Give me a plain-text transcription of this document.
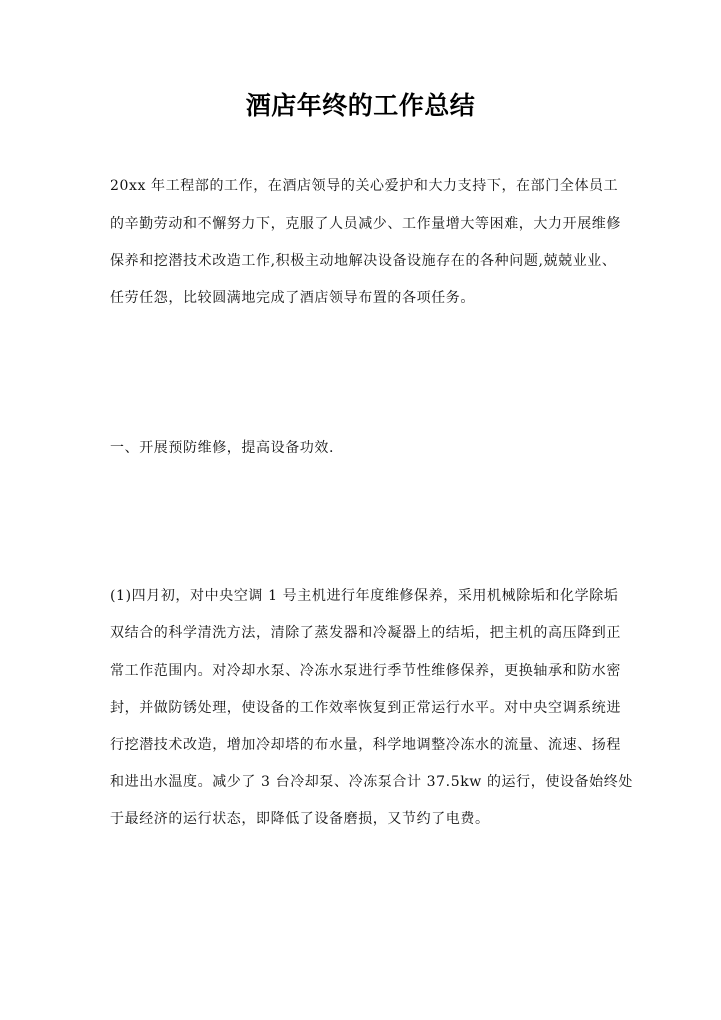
酒店年终的工作总结
20xx 年工程部的工作，在酒店领导的关心爱护和大力支持下，在部门全体员工
的辛勤劳动和不懈努力下，克服了人员减少、工作量增大等困难，大力开展维修
保养和挖潜技术改造工作,积极主动地解决设备设施存在的各种问题,兢兢业业、
任劳任怨，比较圆满地完成了酒店领导布置的各项任务。
一、开展预防维修，提高设备功效.
(1)四月初，对中央空调 1 号主机进行年度维修保养，采用机械除垢和化学除垢
双结合的科学清洗方法，清除了蒸发器和冷凝器上的结垢，把主机的高压降到正
常工作范围内。对冷却水泵、冷冻水泵进行季节性维修保养，更换轴承和防水密
封，并做防锈处理，使设备的工作效率恢复到正常运行水平。对中央空调系统进
行挖潜技术改造，增加冷却塔的布水量，科学地调整冷冻水的流量、流速、扬程
和进出水温度。减少了 3 台冷却泵、冷冻泵合计 37.5kw 的运行，使设备始终处
于最经济的运行状态，即降低了设备磨损，又节约了电费。
